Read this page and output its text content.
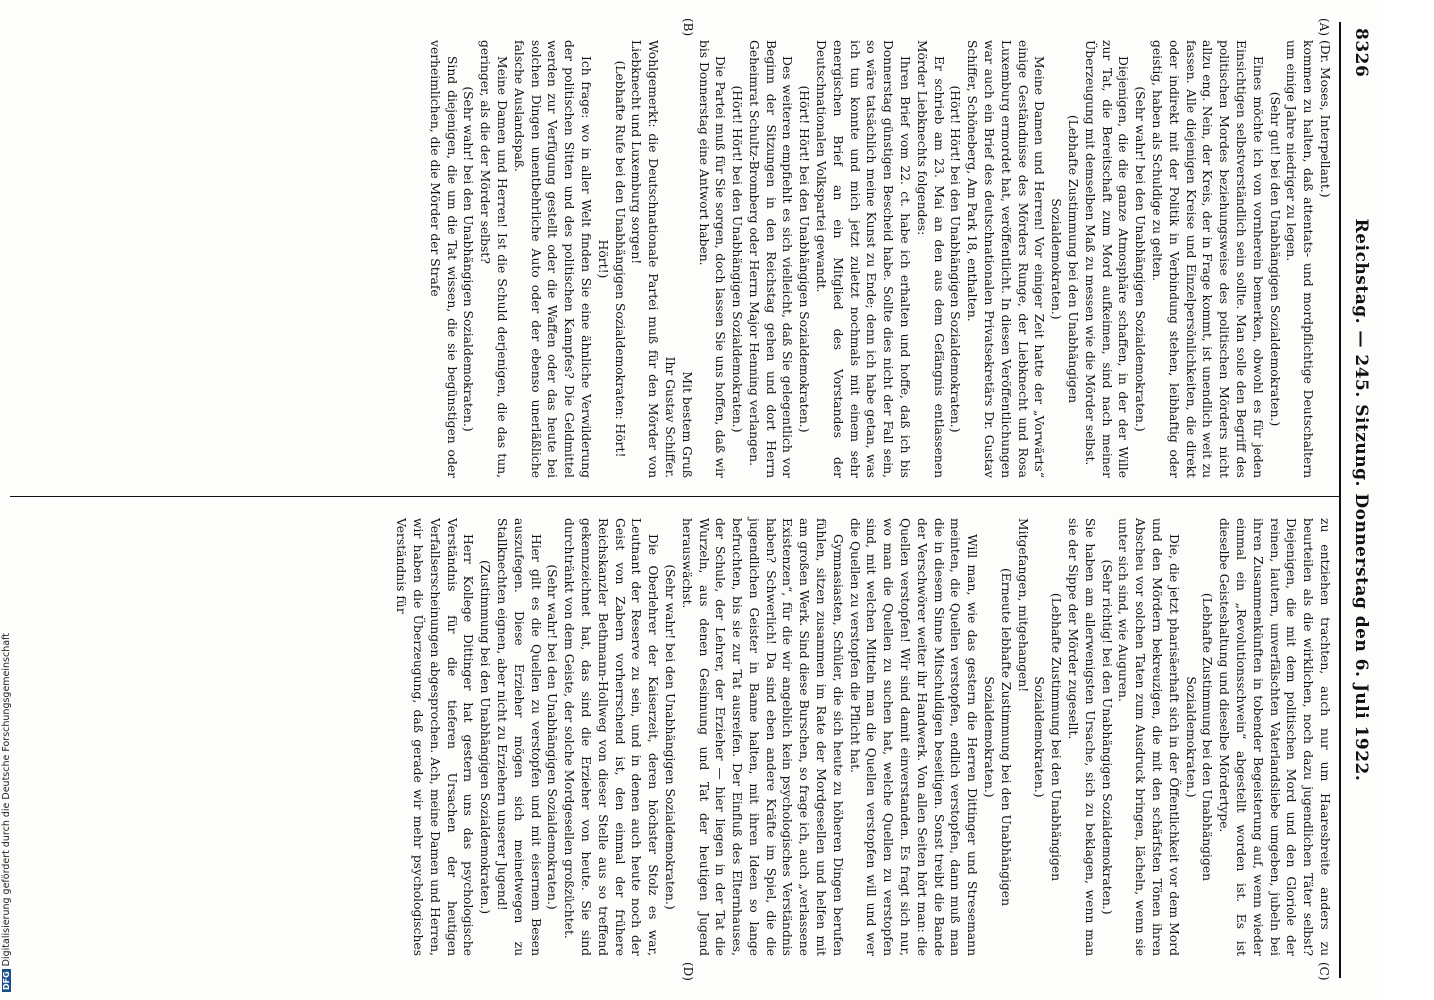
8326
Reichstag. — 245. Sitzung. Donnerstag den 6. Juli 1922.
(A)
(B)
(C)
(D)

(Dr. Moses, Interpellant.)

kommen zu halten, daß attentats- und mordpflichtige Deutschaltern um einige Jahre niedriger zu legen.

(Sehr gut! bei den Unabhängigen Sozialdemokraten.)

Eines möchte ich von vornherein bemerken, obwohl es für jeden Einsichtigen selbstverständlich sein sollte. Man solle den Begriff des politischen Mordes beziehungsweise des politischen Mörders nicht allzu eng. Nein, der Kreis, der in Frage kommt, ist unendlich weit zu fassen. Alle diejenigen Kreise und Einzelpersönlichkeiten, die direkt oder indirekt mit der Politik in Verbindung stehen, leibhaftig oder geistig, haben als Schuldige zu gelten.

(Sehr wahr! bei den Unabhängigen Sozialdemokraten.)

Diejenigen, die die ganze Atmosphäre schaffen, in der der Wille zur Tat, die Bereitschaft zum Mord aufkeimen, sind nach meiner Überzeugung mit demselben Maß zu messen wie die Mörder selbst.

(Lebhafte Zustimmung bei den Unabhängigen Sozialdemokraten.)

Meine Damen und Herren! Vor einiger Zeit hatte der „Vorwärts“ einige Geständnisse des Mörders Runge, der Liebknecht und Rosa Luxemburg ermordet hat, veröffentlicht. In diesen Veröffentlichungen war auch ein Brief des deutschnationalen Privatsekretärs Dr. Gustav Schiffer, Schöneberg, Am Park 18, enthalten.

(Hört! Hört! bei den Unabhängigen Sozialdemokraten.)

Er schrieb am 23. Mai an den aus dem Gefängnis entlassenen Mörder Liebknechts folgendes:

Ihren Brief vom 22. ct. habe ich erhalten und hoffe, daß ich bis Donnerstag günstigen Bescheid habe. Sollte dies nicht der Fall sein, so wäre tatsächlich meine Kunst zu Ende; denn ich habe getan, was ich tun konnte und mich jetzt zuletzt nochmals mit einem sehr energischen Brief an ein Mitglied des Vorstandes der Deutschnationalen Volkspartei gewandt.

(Hört! Hört! bei den Unabhängigen Sozialdemokraten.)

Des weiteren empfiehlt es sich vielleicht, daß Sie gelegentlich vor Beginn der Sitzungen in den Reichstag gehen und dort Herrn Geheimrat Schultz-Bromberg oder Herrn Major Henning verlangen.

(Hört! Hört! bei den Unabhängigen Sozialdemokraten.)

Die Partei muß für Sie sorgen, doch lassen Sie uns hoffen, daß wir bis Donnerstag eine Antwort haben.

Mit bestem Gruß

Ihr Gustav Schiffer.

Wohlgemerkt: die Deutschnationale Partei muß für den Mörder von Liebknecht und Luxemburg sorgen!

(Lebhafte Rufe bei den Unabhängigen Sozialdemokraten: Hört! Hört!)

Ich frage: wo in aller Welt finden Sie eine ähnliche Verwilderung der politischen Sitten und des politischen Kampfes? Die Geldmittel werden zur Verfügung gestellt oder die Waffen oder das heute bei solchen Dingen unentbehrliche Auto oder der ebenso unerläßliche falsche Auslandspaß.

Meine Damen und Herren! Ist die Schuld derjenigen, die das tun, geringer, als die der Mörder selbst?

(Sehr wahr! bei den Unabhängigen Sozialdemokraten.)

Sind diejenigen, die um die Tat wissen, die sie begünstigen oder verheimlichen, die die Mörder der Strafe

zu entziehen trachten, auch nur um Haaresbreite anders zu beurteilen als die wirklichen, noch dazu jugendlichen Täter selbst? Diejenigen, die mit dem politischen Mord und den Gloriole der reinen, lautern, unverfälschten Vaterlandsliebe umgeben, jubeln bei ihren Zusammenkünften in tobender Begeisterung auf, wenn wieder einmal ein „Revolutionsschwein“ abgestellt worden ist. Es ist dieselbe Geisteshaltung und dieselbe Mördertype.

(Lebhafte Zustimmung bei den Unabhängigen Sozialdemokraten.)

Die, die jetzt pharisäerhaft sich in der Öffentlichkeit vor dem Mord und den Mördern bekreuzigen, die mit den schärfsten Tönen ihren Abscheu vor solchen Taten zum Ausdruck bringen, lächeln, wenn sie unter sich sind, wie Auguren.

(Sehr richtig! bei den Unabhängigen Sozialdemokraten.)

Sie haben am allerwenigsten Ursache, sich zu beklagen, wenn man sie der Sippe der Mörder zugesellt.

(Lebhafte Zustimmung bei den Unabhängigen Sozialdemokraten.)

Mitgefangen, mitgehangen!

(Erneute lebhafte Zustimmung bei den Unabhängigen Sozialdemokraten.)

Will man, wie das gestern die Herren Dittinger und Stresemann meinten, die Quellen verstopfen, endlich verstopfen, dann muß man die in diesem Sinne Mitschuldigen beseitigen. Sonst treibt die Bande der Verschwörer weiter ihr Handwerk. Von allen Seiten hört man: die Quellen verstopfen! Wir sind damit einverstanden. Es fragt sich nur, wo man die Quellen zu suchen hat, welche Quellen zu verstopfen sind, mit welchen Mitteln man die Quellen verstopfen will und wer die Quellen zu verstopfen die Pflicht hat.

Gymnasiasten, Schüler, die sich heute zu höheren Dingen berufen fühlen, sitzen zusammen im Rate der Mordgesellen und helfen mit am großen Werk. Sind diese Burschen, so frage ich, auch „verlassene Existenzen“, für die wir angeblich kein psychologisches Verständnis haben? Schwerlich! Da sind eben andere Kräfte im Spiel, die die jugendlichen Geister in Banne halten, mit ihren Ideen so lange befruchten, bis sie zur Tat ausreifen. Der Einfluß des Elternhauses, der Schule, der Lehrer, der Erzieher — hier liegen in der Tat die Wurzeln, aus denen Gesinnung und Tat der heutigen Jugend herauswächst.

(Sehr wahr! bei den Unabhängigen Sozialdemokraten.)

Die Oberlehrer der Kaiserzeit, deren höchster Stolz es war, Leutnant der Reserve zu sein, und in denen auch heute noch der Geist von Zabern vorherrschend ist, den einmal der frühere Reichskanzler Bethmann-Hollweg von dieser Stelle aus so treffend gekennzeichnet hat, das sind die Erzieher von heute. Sie sind durchtränkt von dem Geiste, der solche Mordgesellen großzüchtet.

(Sehr wahr! bei den Unabhängigen Sozialdemokraten.)

Hier gilt es die Quellen zu verstopfen und mit eisernem Besen auszufegen. Diese Erzieher mögen sich meinetwegen zu Stallknechten eignen, aber nicht zu Erziehern unserer Jugend!

(Zustimmung bei den Unabhängigen Sozialdemokraten.)

Herr Kollege Dittinger hat gestern uns das psychologische Verständnis für die tieferen Ursachen der heutigen Verfallserscheinungen abgesprochen. Ach, meine Damen und Herren, wir haben die Überzeugung, daß gerade wir mehr psychologisches Verständnis für

DFGDigitalisierung gefördert durch die Deutsche Forschungsgemeinschaft
